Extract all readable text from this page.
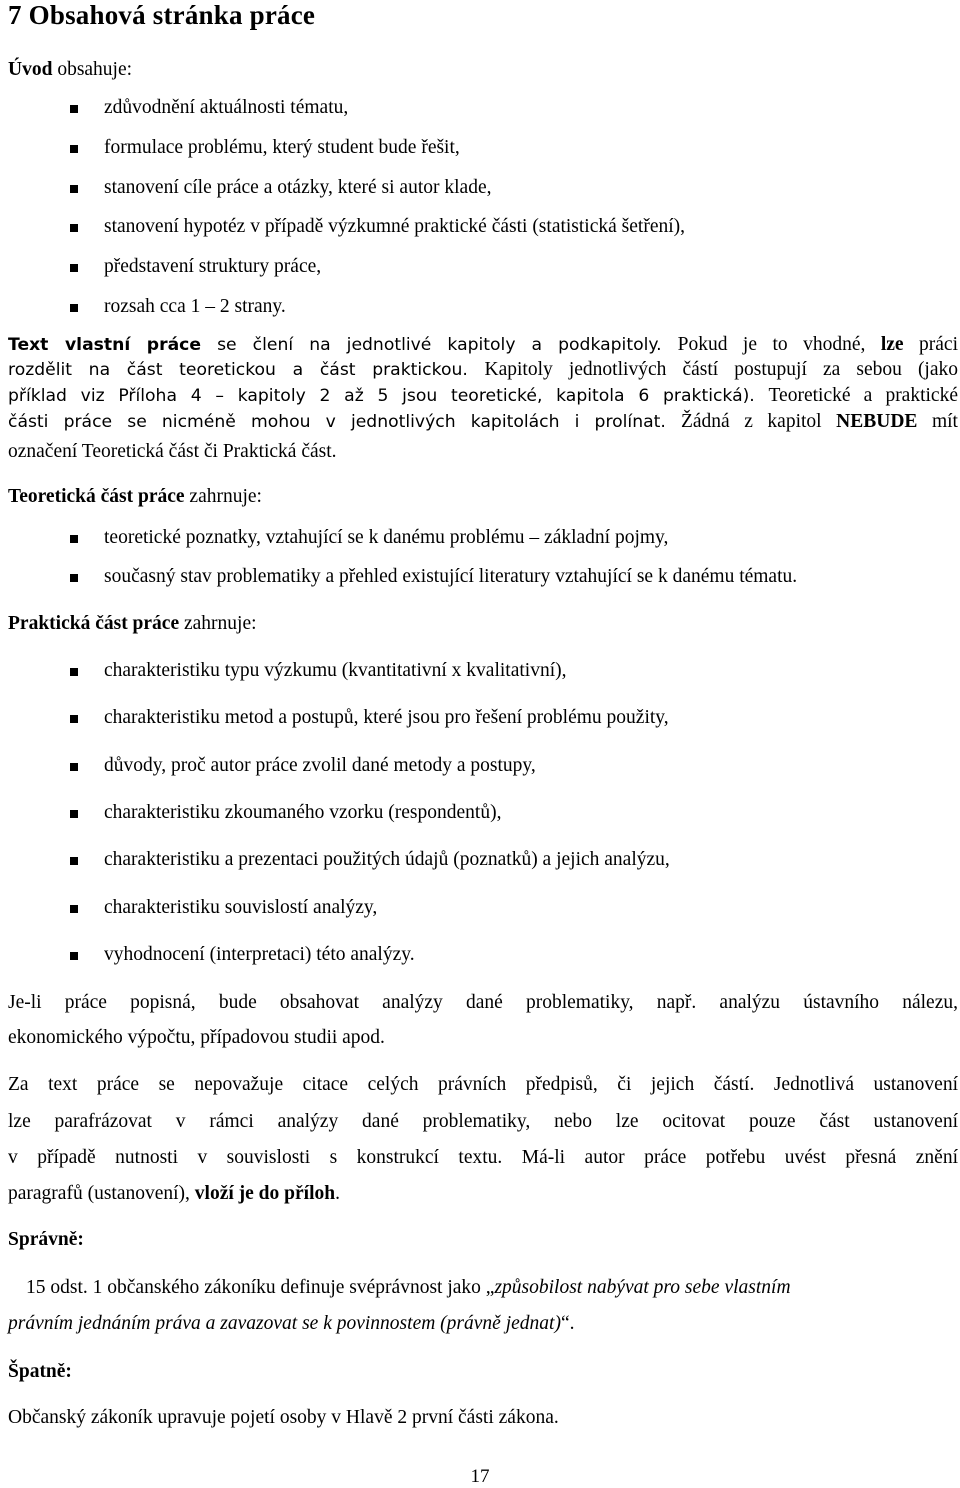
7 Obsahová stránka práce
Úvod obsahuje:
zdůvodnění aktuálnosti tématu,
formulace problému, který student bude řešit,
stanovení cíle práce a otázky, které si autor klade,
stanovení hypotéz v případě výzkumné praktické části (statistická šetření),
představení struktury práce,
rozsah cca 1 – 2 strany.
Text vlastní práce se člení na jednotlivé kapitoly a podkapitoly. Pokud je to vhodné, lze práci
rozdělit na část teoretickou a část praktickou. Kapitoly jednotlivých částí postupují za sebou (jako
příklad viz Příloha 4 – kapitoly 2 až 5 jsou teoretické, kapitola 6 praktická). Teoretické a praktické
části práce se nicméně mohou v jednotlivých kapitolách i prolínat. Žádná z kapitol NEBUDE mít
označení Teoretická část či Praktická část.
Teoretická část práce zahrnuje:
teoretické poznatky, vztahující se k danému problému – základní pojmy,
současný stav problematiky a přehled existující literatury vztahující se k danému tématu.
Praktická část práce zahrnuje:
charakteristiku typu výzkumu (kvantitativní x kvalitativní),
charakteristiku metod a postupů, které jsou pro řešení problému použity,
důvody, proč autor práce zvolil dané metody a postupy,
charakteristiku zkoumaného vzorku (respondentů),
charakteristiku a prezentaci použitých údajů (poznatků) a jejich analýzu,
charakteristiku souvislostí analýzy,
vyhodnocení (interpretaci) této analýzy.
Je-li práce popisná, bude obsahovat analýzy dané problematiky, např. analýzu ústavního nálezu,
ekonomického výpočtu, případovou studii apod.
Za text práce se nepovažuje citace celých právních předpisů, či jejich částí. Jednotlivá ustanovení
lze parafrázovat v rámci analýzy dané problematiky, nebo lze ocitovat pouze část ustanovení
v případě nutnosti v souvislosti s konstrukcí textu. Má-li autor práce potřebu uvést přesná znění
paragrafů (ustanovení), vloží je do příloh.
Správně:
15 odst. 1 občanského zákoníku definuje svéprávnost jako „způsobilost nabývat pro sebe vlastním
právním jednáním práva a zavazovat se k povinnostem (právně jednat)“.
Špatně:
Občanský zákoník upravuje pojetí osoby v Hlavě 2 první části zákona.
17
